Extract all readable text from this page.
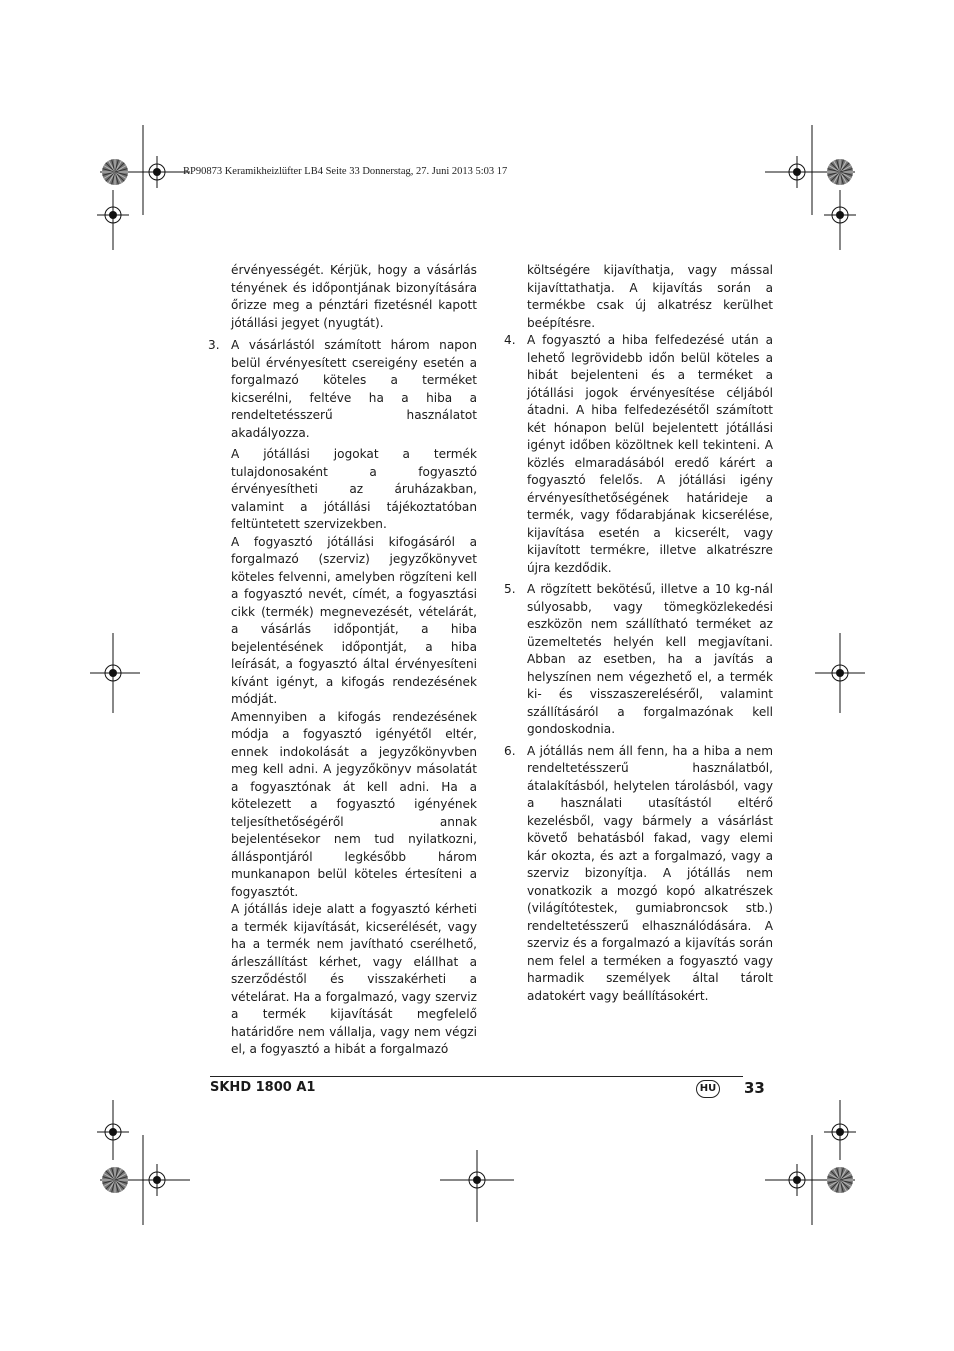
RP90873 Keramikheizlüfter LB4 Seite 33 Donnerstag, 27. Juni 2013 5:03 17

érvényességét. Kérjük, hogy a vásárlás tényének és időpontjának bizonyítására őrizze meg a pénztári fizetésnél kapott jótállási jegyet (nyugtát).

3. A vásárlástól számított három napon belül érvényesített csereigény esetén a forgalmazó köteles a terméket kicserélni, feltéve ha a hiba a rendeltetésszerű használatot akadályozza.

A jótállási jogokat a termék tulajdonosaként a fogyasztó érvényesítheti az áruházakban, valamint a jótállási tájékoztatóban feltüntetett szervizekben.

A fogyasztó jótállási kifogásáról a forgalmazó (szerviz) jegyzőkönyvet köteles felvenni, amelyben rögzíteni kell a fogyasztó nevét, címét, a fogyasztási cikk (termék) megnevezését, vételárát, a vásárlás időpontját, a hiba bejelentésének időpontját, a hiba leírását, a fogyasztó által érvényesíteni kívánt igényt, a kifogás rendezésének módját.

Amennyiben a kifogás rendezésének módja a fogyasztó igényétől eltér, ennek indokolását a jegyzőkönyvben meg kell adni. A jegyzőkönyv másolatát a fogyasztónak át kell adni. Ha a kötelezett a fogyasztó igényének teljesíthetőségéről annak bejelentésekor nem tud nyilatkozni, álláspontjáról legkésőbb három munkanapon belül köteles értesíteni a fogyasztót.

A jótállás ideje alatt a fogyasztó kérheti a termék kijavítását, kicserélését, vagy ha a termék nem javítható cserélhető, árleszállítást kérhet, vagy elállhat a szerződéstől és visszakérheti a vételárat. Ha a forgalmazó, vagy szerviz a termék kijavítását megfelelő határidőre nem vállalja, vagy nem végzi el, a fogyasztó a hibát a forgalmazó

költségére kijavíthatja, vagy mással kijavíttathatja. A kijavítás során a termékbe csak új alkatrész kerülhet beépítésre.

4. A fogyasztó a hiba felfedezésé után a lehető legrövidebb időn belül köteles a hibát bejelenteni és a terméket a jótállási jogok érvényesítése céljából átadni. A hiba felfedezésétől számított két hónapon belül bejelentett jótállási igényt időben közöltnek kell tekinteni. A közlés elmaradásából eredő kárért a fogyasztó felelős. A jótállási igény érvényesíthetőségének határideje a termék, vagy fődarabjának kicserélése, kijavítása esetén a kicserélt, vagy kijavított termékre, illetve alkatrészre újra kezdődik.

5. A rögzített bekötésű, illetve a 10 kg-nál súlyosabb, vagy tömegközlekedési eszközön nem szállítható terméket az üzemeltetés helyén kell megjavítani. Abban az esetben, ha a javítás a helyszínen nem végezhető el, a termék ki- és visszaszereléséről, valamint szállításáról a forgalmazónak kell gondoskodnia.

6. A jótállás nem áll fenn, ha a hiba a nem rendeltetésszerű használatból, átalakításból, helytelen tárolásból, vagy a használati utasítástól eltérő kezelésből, vagy bármely a vásárlást követő behatásból fakad, vagy elemi kár okozta, és azt a forgalmazó, vagy a szerviz bizonyítja. A jótállás nem vonatkozik a mozgó kopó alkatrészek (világítótestek, gumiabroncsok stb.) rendeltetésszerű elhasználódására. A szerviz és a forgalmazó a kijavítás során nem felel a terméken a fogyasztó vagy harmadik személyek által tárolt adatokért vagy beállításokért.

SKHD 1800 A1	HU 33
